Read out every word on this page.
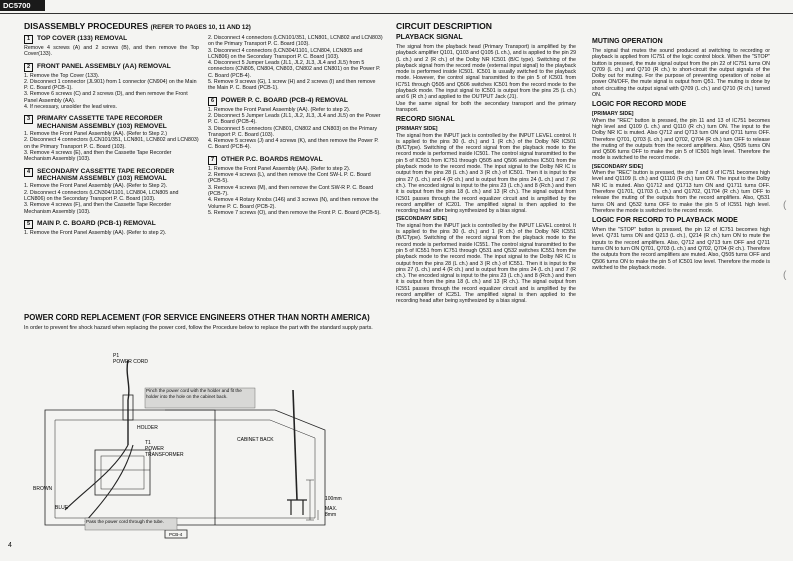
DC5700
DISASSEMBLY PROCEDURES (REFER TO PAGES 10, 11 AND 12)
1	TOP COVER (133) REMOVAL
Remove 4 screws (A) and 2 screws (B), and then remove the Top Cover(133).
2	FRONT PANEL ASSEMBLY (AA) REMOVAL
1. Remove the Top Cover (133).
2. Disconnect 1 connector (JL901) from 1 connector (CN904) on the Main P. C. Board (PCB-1).
3. Remove 6 screws (C) and 2 screws (D), and then remove the Front Panel Assembly (AA).
4. If necessary, unsolder the lead wires.
3	PRIMARY CASSETTE TAPE RECORDER MECHANISM ASSEMBLY (103) REMOVEL
1. Remove the Front Panel Assembly (AA). (Refer to Step 2.)
2. Disconnect 4 connectors (LCN101/351, LCN801, LCN802 and LCN803) on the Primary Transport P. C. Board (103).
3. Remove 4 screws (E), and then the Cassette Tape Recorder Mechanism Assembly (103).
4	SECONDARY CASSETTE TAPE RECORDER MECHANISM ASSEMBLY (103) REMOVAL
1. Remove the Front Panel Assembly (AA). (Refer to Step 2).
2. Disconnect 4 connectors (LCN304/1101, LCN804, LCN805 and LCN806) on the Secondary Transport P. C. Board (103).
3. Remove 4 screws (F), and then the Cassette Tape Recorder Mechanism Assembly (103).
5	MAIN P. C. BOARD (PCB-1) REMOVAL
1. Remove the Front Panel Assembly (AA). (Refer to step 2).
2. Disconnect 4 connectors (LCN101/351, LCN801, LCN802 and LCN803) on the Primary Transport P. C. Board (103).
3. Disconnect 4 connectors (LCN304/1101, LCN804, LCN805 and LCN806) on the Secondary Transport P. C. Board (103).
4. Disconnect 5 Jumper Leads (JL1, JL2, JL3, JL4 and JL5) from 5 connectors (CN805, CN804, CN803, CN802 and CN801) on the Power P. C. Board (PCB-4).
5. Remove 9 screws (G), 1 screw (H) and 2 screws (I) and then remove the Main P. C. Board (PCB-1).
6	POWER P. C. BOARD (PCB-4) REMOVAL
1. Remove the Front Panel Assembly (AA). (Refer to step 2).
2. Disconnect 5 Jumper Leads (JL1, JL2, JL3, JL4 and JL5) on the Power P. C. Board (PCB-4).
3. Disconnect 5 connectors (CN801, CN802 and CN803) on the Primary Transport P. C. Board (103).
4. Remove 5 screws (J) and 4 screws (K), and then remove the Power P. C. Board (PCB-4).
7	OTHER P.C. BOARDS REMOVAL
1. Remove the Front Panel Assembly (AA). (Refer to step 2).
2. Remove 4 screws (L), and then remove the Cont SW-L P. C. Board (PCB-5).
3. Remove 4 screws (M), and then remove the Cont SW-R P. C. Board (PCB-7).
4. Remove 4 Rotary Knobs (146) and 3 screws (N), and then remove the Volume P. C. Board (PCB-2).
5. Remove 7 screws (O), and then remove the Front P. C. Board (PCB-5).
POWER CORD REPLACEMENT (FOR SERVICE ENGINEERS OTHER THAN NORTH AMERICA)
In order to prevent fire shock hazard when replacing the power cord, follow the Procedure below to replace the part with the standard supply parts.
P1
POWER CORD
HOLDER
T1
POWER
TRANSFORMER
CABINET BACK
BROWN
BLUE
100mm
MAX.
8mm
PCB-4
Pinch the power cord with the holder and fit the holder into the hole on the cabinet back.
Pass the power cord through the tube.
4
CIRCUIT DESCRIPTION
PLAYBACK SIGNAL
The signal from the playback head (Primary Transport) is amplified by the playback amplifier Q101, Q103 and Q105 (L ch.), and is applied to the pin 29 (L ch.) and 2 (R ch.) of the Dolby NR IC501 (B/C type). Switching of the playback signal from the record mode (external input signal) to the playback mode is performed inside IC501. IC501 is usually switched to the playback mode. However, the control signal transmitted to the pin 5 of IC501 from IC751 through Q505 and Q506 switches IC501 from the record mode to the playback mode. The input signal to IC501 is output from the pins 25 (L ch.) and 6 (R ch.) and applied to the OUTPUT Jack (J1).
Use the same signal for both the secondary transport and the primary transport.
RECORD SIGNAL
[PRIMARY SIDE]
The signal from the INPUT jack is controlled by the INPUT LEVEL control. It is applied to the pins 30 (L ch.) and 1 (R ch.) of the Dolby NR IC501 (B/CType). Switching of the record signal from the playback mode to the record mode is performed inside IC501. The control signal transmitted to the pin 5 of IC501 from IC751 through Q505 and Q506 switches IC501 from the playback mode to the record mode. The input signal to the Dolby NR IC is output from the pins 28 (L ch.) and 3 (R ch.) of IC501. Then it is input to the pins 27 (L ch.) and 4 (R ch.) and is output from the pins 24 (L ch.) and 7 (R ch.). The encoded signal is input to the pins 23 (L ch.) and 8 (Rch.) and then it is output from the pins 18 (L ch.) and 13 (R ch.). The signal output from IC501 passes through the record equalizer circuit and is amplified by the record amplifier of IC201. The amplified signal is then applied to the recording head after being synthesized by a bias signal.
[SECONDARY SIDE]
The signal from the INPUT jack is controlled by the INPUT LEVEL control. It is applied to the pins 30 (L ch.) and 1 (R ch.) of the Dolby NR IC551 (B/CType). Switching of the record signal from the playback mode to the record mode is performed inside IC551. The control signal transmitted to the pin 5 of IC551 from IC751 through Q531 and Q532 switches IC551 from the playback mode to the record mode. The input signal to the Dolby NR IC is output from the pins 28 (L ch.) and 3 (R ch.) of IC551. Then it is input to the pins 27 (L ch.) and 4 (R ch.) and is output from the pins 24 (L ch.) and 7 (R ch.). The encoded signal is input to the pins 23 (L ch.) and 8 (Rch.) and then it is output from the pins 18 (L ch.) and 13 (R ch.). The signal output from IC551 passes through the record equalizer circuit and is amplified by the record amplifier of IC251. The amplified signal is then applied to the recording head after being synthesized by a bias signal.
MUTING OPERATION
The signal that mutes the sound produced at switching to recording or playback is applied from IC751 of the logic control block. When the "STOP" button is pressed, the mute signal output from the pin 22 of IC751 turns ON Q709 (L ch.) and Q710 (R ch.) to short-circuit the output signals of the Dolby out for muting. For the purpose of preventing operation of noise at power ON/OFF, the mute signal is output from Q51. The muting is done by short circuiting the output signal with Q709 (L ch.) and Q710 (R ch.) turned ON.
LOGIC FOR RECORD MODE
[PRIMARY SIDE]
When the "REC" button is pressed, the pin 11 and 13 of IC751 becomes high level and Q109 (L ch.) and Q110 (R ch.) turn ON. The input to the Dolby NR IC is muted. Also Q712 and Q713 turn ON and Q711 turns OFF. Therefore Q701, Q703 (L ch.) and Q702, Q704 (R ch.) turn OFF to release the muting of the outputs from the record amplifiers. Also, Q505 turns ON and Q506 turns OFF to make the pin 5 of IC501 high level. Therefore the mode is switched to the record mode.
[SECONDARY SIDE]
When the "REC" button is pressed, the pin 7 and 9 of IC751 becomes high level and Q1109 (L ch.) and Q1110 (R ch.) turn ON. The input to the Dolby NR IC is muted. Also Q1712 and Q1713 turn ON and Q1711 turns OFF. Therefore Q1701, Q1703 (L ch.) and Q1702, Q1704 (R ch.) turn OFF to release the muting of the outputs from the record amplifiers. Also, Q531 turns ON and Q532 turns OFF to make the pin 5 of IC551 high level. Therefore the mode is switched to the record mode.
LOGIC FOR RECORD TO PLAYBACK MODE
When the "STOP" button is pressed, the pin 12 of IC751 becomes high level. Q731 turns ON and Q213 (L ch.), Q214 (R ch.) turn ON to mute the inputs to the record amplifiers. Also, Q712 and Q713 turn OFF and Q711 turns ON to turn ON Q701, Q703 (L ch.) and Q702, Q704 (R ch.). Therefore the outputs from the record amplifiers are muted. Also, Q505 turns OFF and Q506 turns ON to make the pin 5 of IC501 low level. Therefore the mode is switched to the playback mode.
(
(
